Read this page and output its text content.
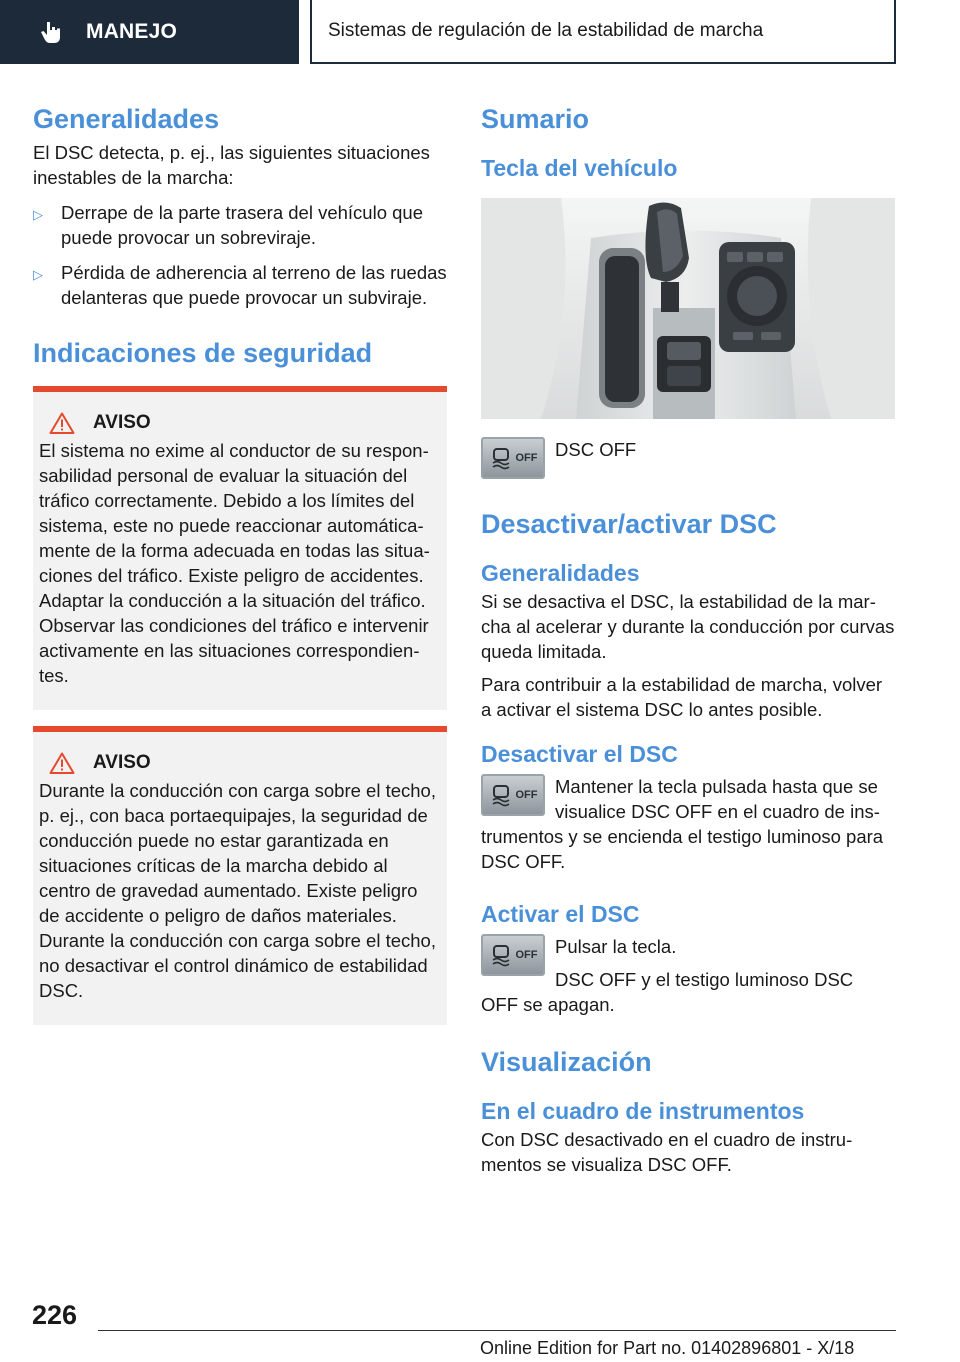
MANEJO	Sistemas de regulación de la estabilidad de marcha
Generalidades

El DSC detecta, p. ej., las siguientes situaciones inestables de la marcha:

▷ Derrape de la parte trasera del vehículo que puede provocar un sobreviraje.
▷ Pérdida de adherencia al terreno de las ruedas delanteras que puede provocar un subviraje.
Indicaciones de seguridad
AVISO

El sistema no exime al conductor de su responsabilidad personal de evaluar la situación del tráfico correctamente. Debido a los límites del sistema, este no puede reaccionar automáticamente de la forma adecuada en todas las situaciones del tráfico. Existe peligro de accidentes. Adaptar la conducción a la situación del tráfico. Observar las condiciones del tráfico e intervenir activamente en las situaciones correspondientes.

AVISO

Durante la conducción con carga sobre el techo, p. ej., con baca portaequipajes, la seguridad de conducción puede no estar garantizada en situaciones críticas de la marcha debido al centro de gravedad aumentado. Existe peligro de accidente o peligro de daños materiales. Durante la conducción con carga sobre el techo, no desactivar el control dinámico de estabilidad DSC.

Sumario
Tecla del vehículo
OFF DSC OFF

Desactivar/activar DSC
Generalidades

Si se desactiva el DSC, la estabilidad de la marcha al acelerar y durante la conducción por curvas queda limitada.

Para contribuir a la estabilidad de marcha, volver a activar el sistema DSC lo antes posible.

Desactivar el DSC
OFF Mantener la tecla pulsada hasta que se visualice DSC OFF en el cuadro de instrumentos y se encienda el testigo luminoso para DSC OFF.

Activar el DSC
OFF Pulsar la tecla.

DSC OFF y el testigo luminoso DSC OFF se apagan.

Visualización
En el cuadro de instrumentos

Con DSC desactivado en el cuadro de instrumentos se visualiza DSC OFF.

226
Online Edition for Part no. 01402896801 - X/18
